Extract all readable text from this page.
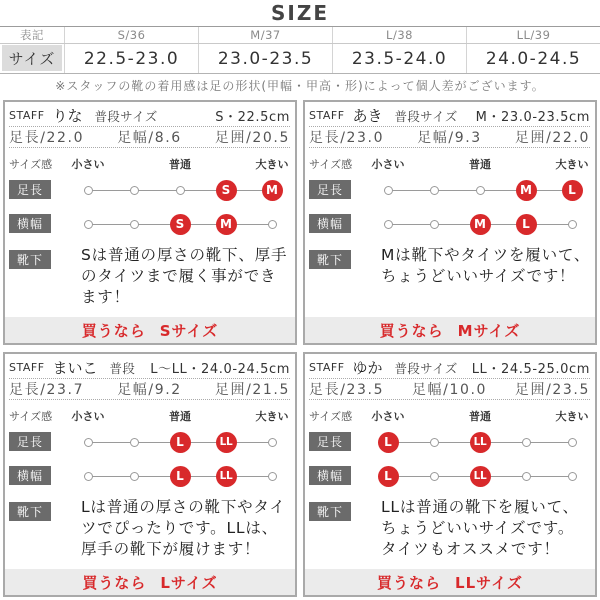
SIZE
表記	S/36	M/37	L/38	LL/39
サイズ	22.5-23.0	23.0-23.5	23.5-24.0	24.0-24.5

※スタッフの靴の着用感は足の形状(甲幅・甲高・形)によって個人差がございます。

STAFF りな 普段サイズ	S・22.5cm
足長/22.0 足幅/8.6 足囲/20.5
サイズ感 小さい	普通	大きい
足長	S	M
横幅	S	M
靴下	Sは普通の厚さの靴下、厚手
のタイツまで履く事ができ
ます！
買うなら Sサイズ
STAFF あき 普段サイズ M・23.0-23.5cm
足長/23.0 足幅/9.3 足囲/22.0
サイズ感 小さい	普通	大きい
足長	M	L
横幅	M	L
靴下	Mは靴下やタイツを履いて、
ちょうどいいサイズです！
買うなら Mサイズ
STAFF まいこ 普段 L〜LL・24.0-24.5cm
足長/23.7 足幅/9.2 足囲/21.5
サイズ感 小さい	普通	大きい
足長	L	LL
横幅	L	LL
靴下	Lは普通の厚さの靴下やタイ
ツでぴったりです。LLは、
厚手の靴下が履けます！
買うなら Lサイズ
STAFF ゆか 普段サイズ LL・24.5-25.0cm
足長/23.5 足幅/10.0 足囲/23.5
サイズ感 小さい	普通	大きい
足長	L	LL
横幅	L	LL
靴下	LLは普通の靴下を履いて、
ちょうどいいサイズです。
タイツもオススメです！
買うなら LLサイズ
